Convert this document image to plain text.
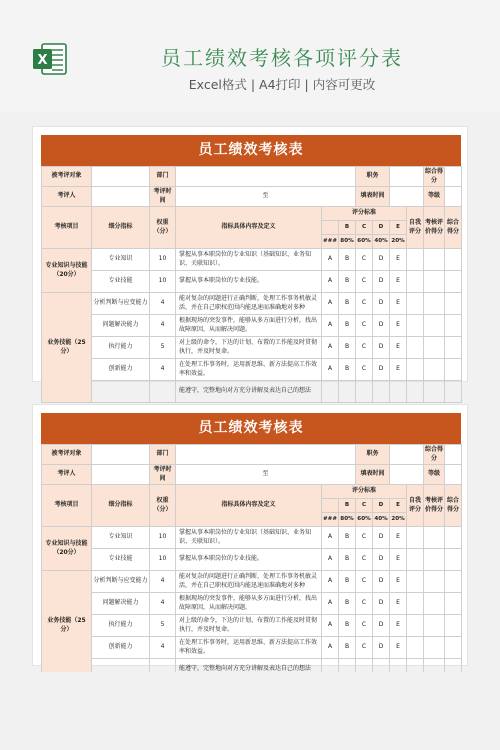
X	员工绩效考核各项评分表
Excel格式 | A4打印 | 内容可更改
员工绩效考核表
被考评对象		部门				职务				综合得分	
考评人		考评时间	至			填表时间				等级	
考核项目	细分指标	权重（分）	指标具体内容及定义	评分标准					自我评分	考核评价得分	综合得分
					B	C	D	E			
				###	80%	60%	40%	20%			
专业知识与技能（20分）	专业知识	10	掌握从事本职岗位的专业知识（基础知识、业务知识、关联知识）。	A	B	C	D	E			
	专业技能	10	掌握从事本职岗位的专业技能。	A	B	C	D	E			
业务技能（25分）	分析判断与应变能力	4	能对复杂的问题进行正确判断，处理工作事务机敏灵活，并在自己职权范围内能迅速而准确地对多种	A	B	C	D	E			
	问题解决能力	4	根据现场的突发事件，能够从多方面进行分析，找出故障原因，从而解决问题。	A	B	C	D	E			
	执行能力	5	对上级的命令，下达的计划、布置的工作能及时贯彻执行，并及时复命。	A	B	C	D	E			
	创新能力	4	在处理工作事务时，运用新思维、新方法提高工作效率和效益。	A	B	C	D	E			
			能遵守，完整地向对方充分讲解及表达自己的想法								
员工绩效考核表
被考评对象		部门				职务				综合得分	
考评人		考评时间	至			填表时间				等级	
考核项目	细分指标	权重（分）	指标具体内容及定义	评分标准					自我评分	考核评价得分	综合得分
					B	C	D	E			
				###	80%	60%	40%	20%			
专业知识与技能（20分）	专业知识	10	掌握从事本职岗位的专业知识（基础知识、业务知识、关联知识）。	A	B	C	D	E			
	专业技能	10	掌握从事本职岗位的专业技能。	A	B	C	D	E			
业务技能（25分）	分析判断与应变能力	4	能对复杂的问题进行正确判断，处理工作事务机敏灵活，并在自己职权范围内能迅速而准确地对多种	A	B	C	D	E			
	问题解决能力	4	根据现场的突发事件，能够从多方面进行分析，找出故障原因，从而解决问题。	A	B	C	D	E			
	执行能力	5	对上级的命令，下达的计划、布置的工作能及时贯彻执行，并及时复命。	A	B	C	D	E			
	创新能力	4	在处理工作事务时，运用新思维、新方法提高工作效率和效益。	A	B	C	D	E			
			能遵守，完整地向对方充分讲解及表达自己的想法								
